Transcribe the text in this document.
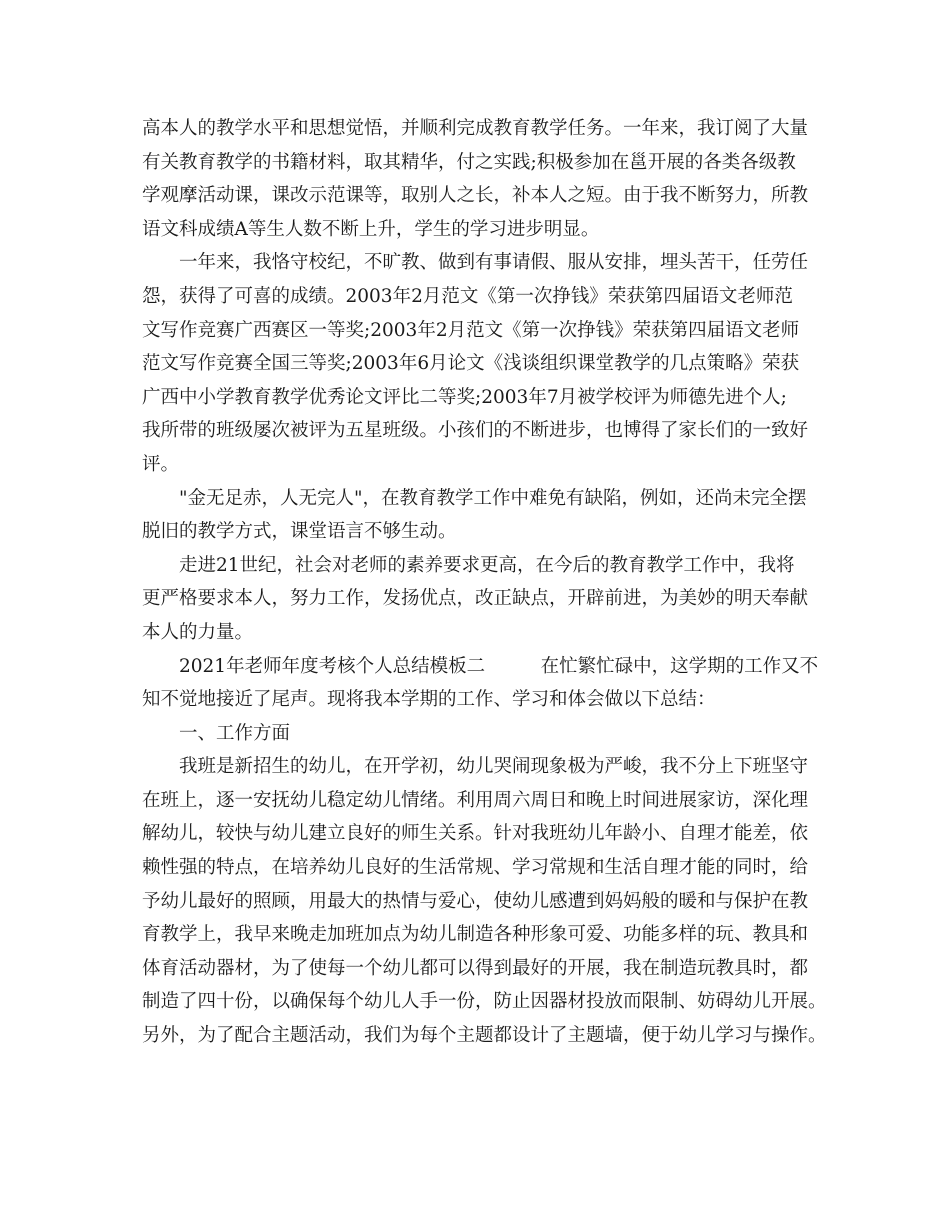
高本人的教学水平和思想觉悟，并顺利完成教育教学任务。一年来，我订阅了大量
有关教育教学的书籍材料，取其精华，付之实践;积极参加在邕开展的各类各级教
学观摩活动课，课改示范课等，取别人之长，补本人之短。由于我不断努力，所教
语文科成绩A等生人数不断上升，学生的学习进步明显。
　　一年来，我恪守校纪，不旷教、做到有事请假、服从安排，埋头苦干，任劳任
怨，获得了可喜的成绩。2003年2月范文《第一次挣钱》荣获第四届语文老师范
文写作竞赛广西赛区一等奖;2003年2月范文《第一次挣钱》荣获第四届语文老师
范文写作竞赛全国三等奖;2003年6月论文《浅谈组织课堂教学的几点策略》荣获
广西中小学教育教学优秀论文评比二等奖;2003年7月被学校评为师德先进个人;
我所带的班级屡次被评为五星班级。小孩们的不断进步，也博得了家长们的一致好
评。
　　"金无足赤，人无完人"，在教育教学工作中难免有缺陷，例如，还尚未完全摆
脱旧的教学方式，课堂语言不够生动。
　　走进21世纪，社会对老师的素养要求更高，在今后的教育教学工作中，我将
更严格要求本人，努力工作，发扬优点，改正缺点，开辟前进，为美妙的明天奉献
本人的力量。
　　2021年老师年度考核个人总结模板二　　　在忙繁忙碌中，这学期的工作又不
知不觉地接近了尾声。现将我本学期的工作、学习和体会做以下总结：
　　一、工作方面
　　我班是新招生的幼儿，在开学初，幼儿哭闹现象极为严峻，我不分上下班坚守
在班上，逐一安抚幼儿稳定幼儿情绪。利用周六周日和晚上时间进展家访，深化理
解幼儿，较快与幼儿建立良好的师生关系。针对我班幼儿年龄小、自理才能差，依
赖性强的特点，在培养幼儿良好的生活常规、学习常规和生活自理才能的同时，给
予幼儿最好的照顾，用最大的热情与爱心，使幼儿感遭到妈妈般的暖和与保护在教
育教学上，我早来晚走加班加点为幼儿制造各种形象可爱、功能多样的玩、教具和
体育活动器材，为了使每一个幼儿都可以得到最好的开展，我在制造玩教具时，都
制造了四十份，以确保每个幼儿人手一份，防止因器材投放而限制、妨碍幼儿开展。
另外，为了配合主题活动，我们为每个主题都设计了主题墙，便于幼儿学习与操作。
